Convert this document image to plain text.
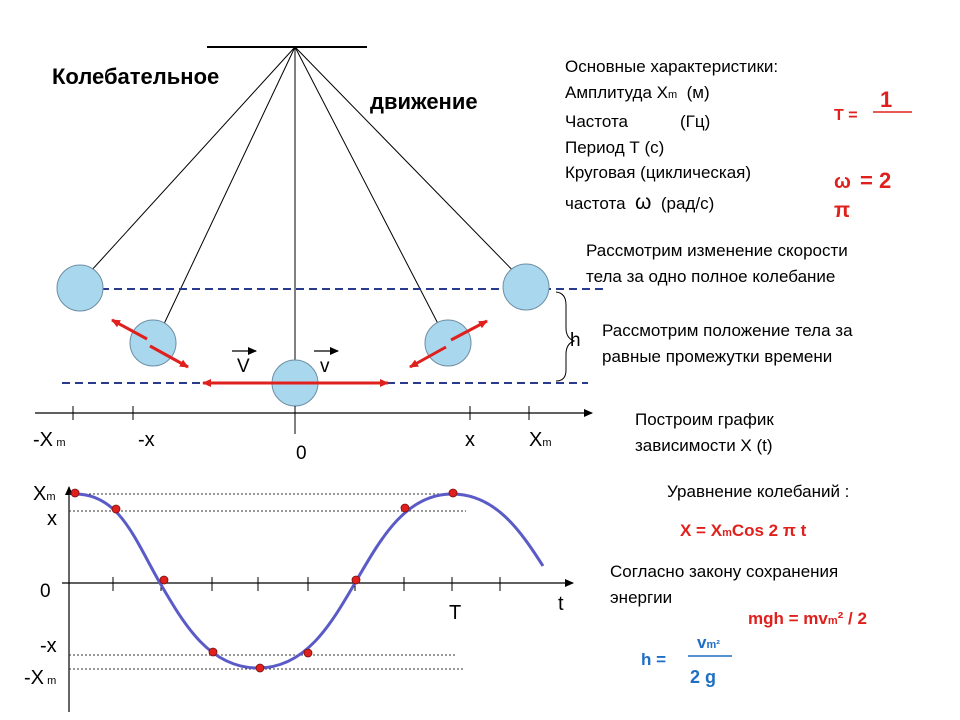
Колебательное
движение
Основные характеристики:
Амплитуда Xm (м)
Частота	(Гц)
Период Т (с)
Круговая (циклическая)
частота ω (рад/с)
T =
1
ω = 2
π
Рассмотрим изменение скорости
тела за одно полное колебание
Рассмотрим положение тела за
равные промежутки времени
Построим график
зависимости X (t)
Уравнение колебаний :
X = XmCos 2 π t
Согласно закону сохранения
энергии
mgh = mvm² / 2
h =
vm²
2 g
h
V	v
-X m	-x
0
x	Xm
Xm
x
0
T	t
-x
-X m
